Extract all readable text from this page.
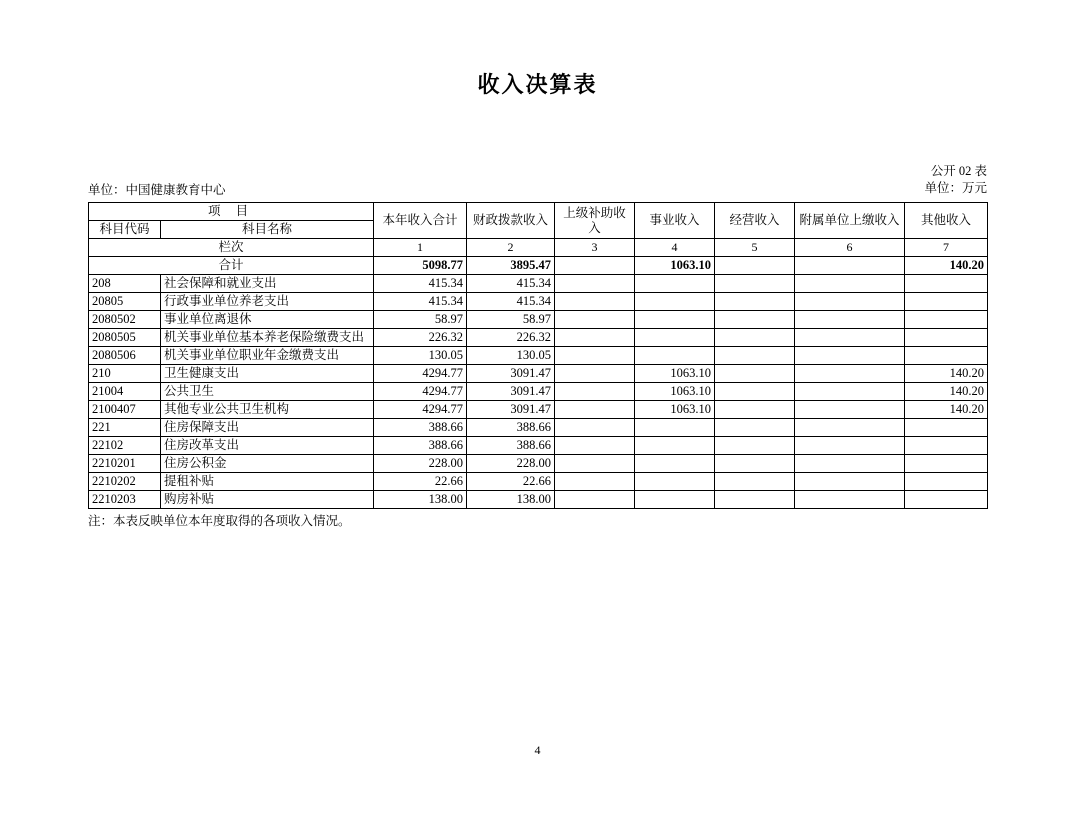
收入决算表
公开 02 表
单位：万元
单位：中国健康教育中心
项 目		本年收入合计	财政拨款收入	上级补助收入	事业收入	经营收入	附属单位上缴收入	其他收入
科目代码	科目名称							
栏次		1	2	3	4	5	6	7
合计		5098.77	3895.47		1063.10			140.20
208	社会保障和就业支出	415.34	415.34					
20805	行政事业单位养老支出	415.34	415.34					
2080502	事业单位离退休	58.97	58.97					
2080505	机关事业单位基本养老保险缴费支出	226.32	226.32					
2080506	机关事业单位职业年金缴费支出	130.05	130.05					
210	卫生健康支出	4294.77	3091.47		1063.10			140.20
21004	公共卫生	4294.77	3091.47		1063.10			140.20
2100407	其他专业公共卫生机构	4294.77	3091.47		1063.10			140.20
221	住房保障支出	388.66	388.66					
22102	住房改革支出	388.66	388.66					
2210201	住房公积金	228.00	228.00					
2210202	提租补贴	22.66	22.66					
2210203	购房补贴	138.00	138.00					
注：本表反映单位本年度取得的各项收入情况。
4
